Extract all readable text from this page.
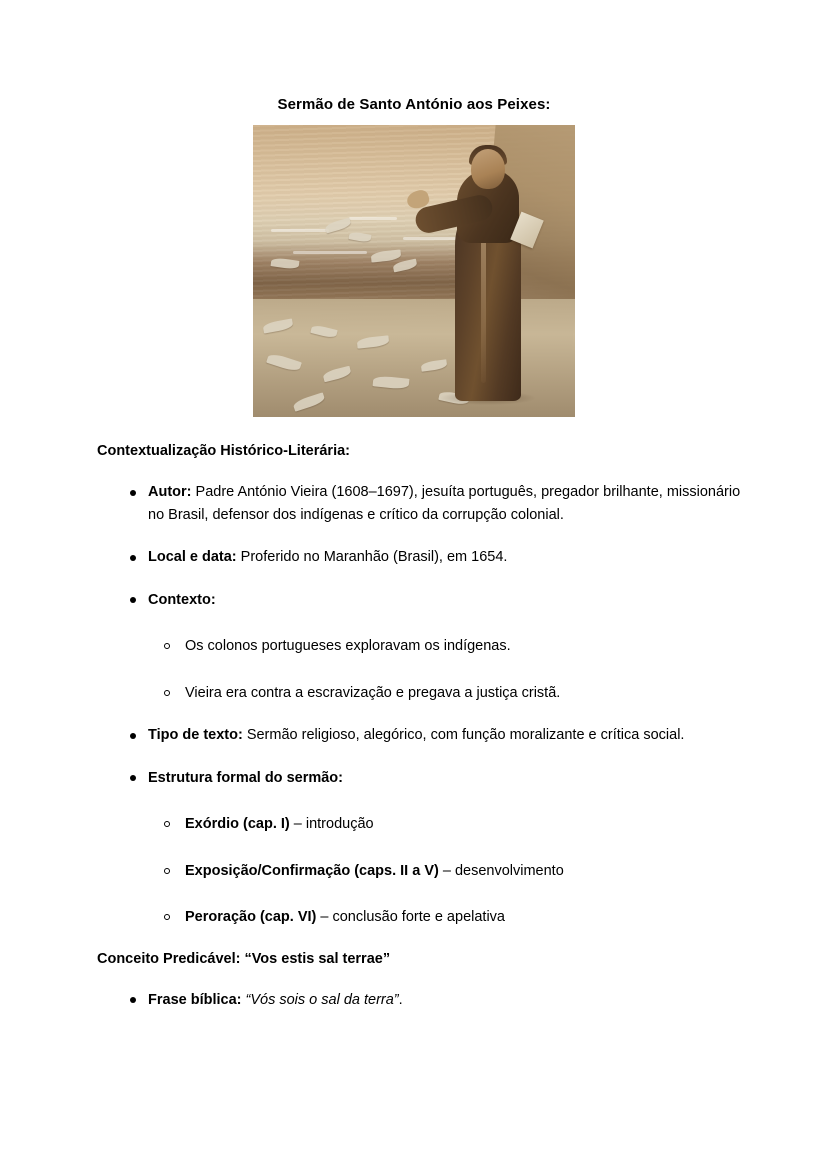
Sermão de Santo António aos Peixes:
Contextualização Histórico-Literária:
Autor: Padre António Vieira (1608–1697), jesuíta português, pregador brilhante, missionário no Brasil, defensor dos indígenas e crítico da corrupção colonial.
Local e data: Proferido no Maranhão (Brasil), em 1654.
Contexto:
Os colonos portugueses exploravam os indígenas.
Vieira era contra a escravização e pregava a justiça cristã.
Tipo de texto: Sermão religioso, alegórico, com função moralizante e crítica social.
Estrutura formal do sermão:
Exórdio (cap. I) – introdução
Exposição/Confirmação (caps. II a V) – desenvolvimento
Peroração (cap. VI) – conclusão forte e apelativa
Conceito Predicável: “Vos estis sal terrae”
Frase bíblica: “Vós sois o sal da terra”.
